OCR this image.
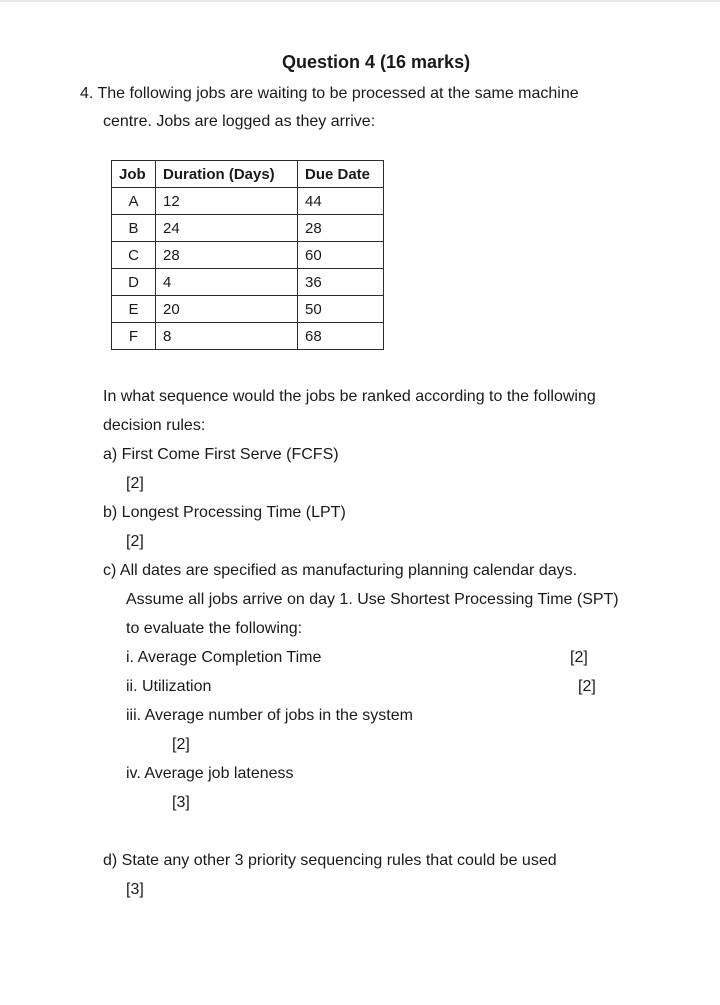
Question 4 (16 marks)
4. The following jobs are waiting to be processed at the same machine
centre. Jobs are logged as they arrive:
Job	Duration (Days)	Due Date
A	12	44
B	24	28
C	28	60
D	4	36
E	20	50
F	8	68
In what sequence would the jobs be ranked according to the following
decision rules:
a) First Come First Serve (FCFS)
[2]
b) Longest Processing Time (LPT)
[2]
c) All dates are specified as manufacturing planning calendar days.
Assume all jobs arrive on day 1. Use Shortest Processing Time (SPT)
to evaluate the following:
i. Average Completion Time	[2]
ii. Utilization	[2]
iii. Average number of jobs in the system
[2]
iv. Average job lateness
[3]
d) State any other 3 priority sequencing rules that could be used
[3]
